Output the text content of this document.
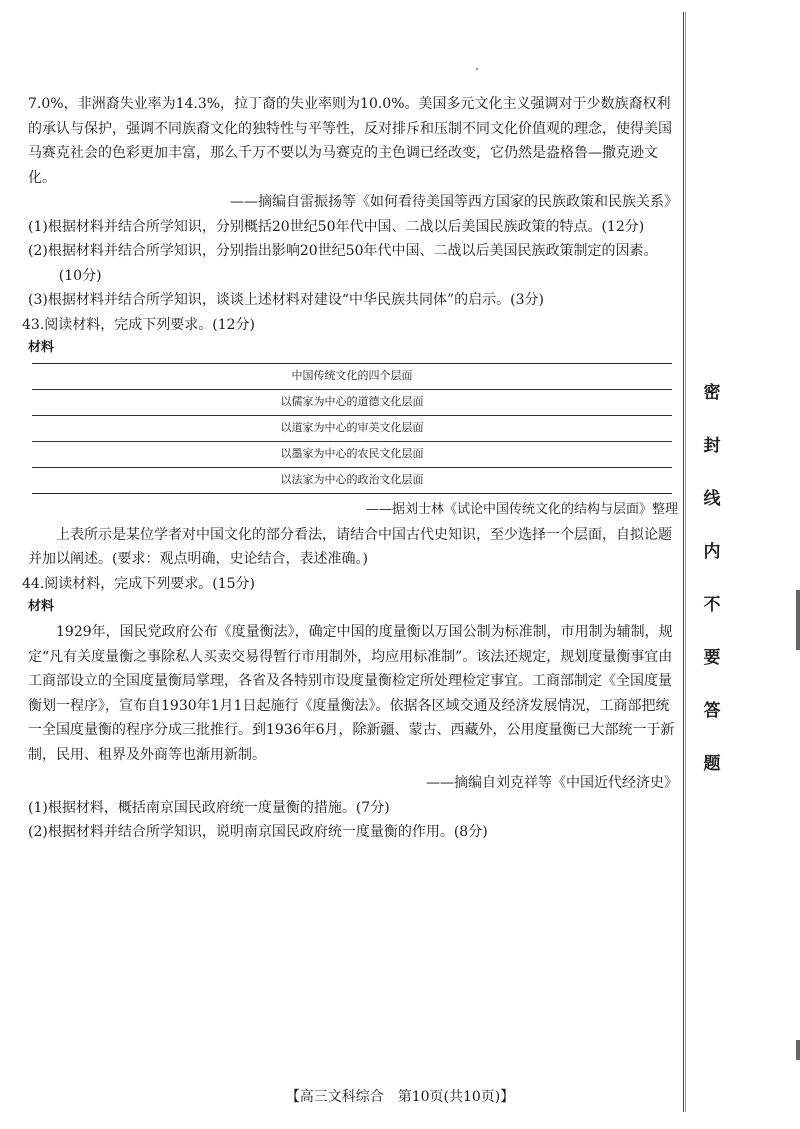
7.0%，非洲裔失业率为14.3%，拉丁裔的失业率则为10.0%。美国多元文化主义强调对于少数族裔权利的承认与保护，强调不同族裔文化的独特性与平等性，反对排斥和压制不同文化价值观的理念，使得美国马赛克社会的色彩更加丰富，那么千万不要以为马赛克的主色调已经改变，它仍然是盎格鲁—撒克逊文化。

——摘编自雷振扬等《如何看待美国等西方国家的民族政策和民族关系》

(1)根据材料并结合所学知识，分别概括20世纪50年代中国、二战以后美国民族政策的特点。(12分)

(2)根据材料并结合所学知识，分别指出影响20世纪50年代中国、二战以后美国民族政策制定的因素。(10分)

(3)根据材料并结合所学知识，谈谈上述材料对建设“中华民族共同体”的启示。(3分)

43.阅读材料，完成下列要求。(12分)

材料

中国传统文化的四个层面
以儒家为中心的道德文化层面
以道家为中心的审美文化层面
以墨家为中心的农民文化层面
以法家为中心的政治文化层面

——据刘士林《试论中国传统文化的结构与层面》整理

上表所示是某位学者对中国文化的部分看法，请结合中国古代史知识，至少选择一个层面，自拟论题并加以阐述。(要求：观点明确，史论结合，表述准确。)

44.阅读材料，完成下列要求。(15分)

材料

1929年，国民党政府公布《度量衡法》，确定中国的度量衡以万国公制为标准制，市用制为辅制，规定“凡有关度量衡之事除私人买卖交易得暂行市用制外，均应用标准制”。该法还规定，规划度量衡事宜由工商部设立的全国度量衡局掌理，各省及各特别市设度量衡检定所处理检定事宜。工商部制定《全国度量衡划一程序》，宣布自1930年1月1日起施行《度量衡法》。依据各区域交通及经济发展情况，工商部把统一全国度量衡的程序分成三批推行。到1936年6月，除新疆、蒙古、西藏外，公用度量衡已大部统一于新制，民用、租界及外商等也渐用新制。

——摘编自刘克祥等《中国近代经济史》

(1)根据材料，概括南京国民政府统一度量衡的措施。(7分)

(2)根据材料并结合所学知识，说明南京国民政府统一度量衡的作用。(8分)

密
封
线
内
不
要
答
题
【高三文科综合　第10页(共10页)】
